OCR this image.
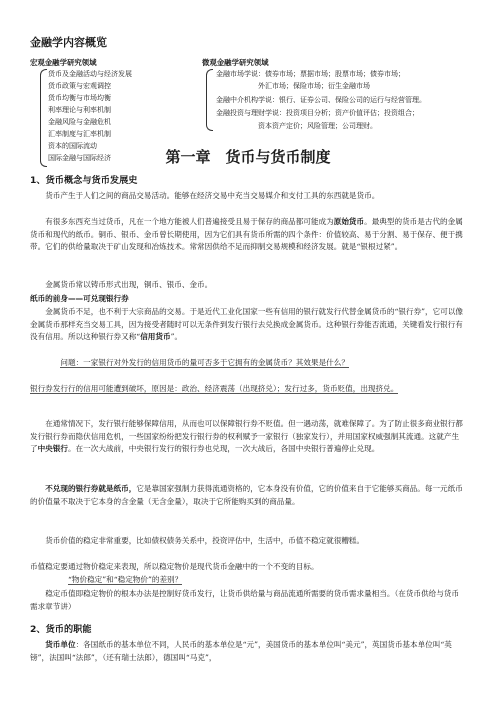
金融学内容概览
宏观金融学研究领域
货币及金融活动与经济发展
货币政策与宏观调控
货币均衡与市场均衡
利率理论与利率机制
金融风险与金融危机
汇率制度与汇率机制
资本的国际流动
国际金融与国际经济
微观金融学研究领域
金融市场学说：债券市场；票据市场；股票市场；债券市场；
外汇市场；保险市场；衍生金融市场
金融中介机构学说：银行、证券公司、保险公司的运行与经营管理。
金融投资与理财学说：投资项目分析；资产价值评估；投资组合；
资本资产定价；风险管理；公司理财。
第一章　货币与货币制度
1、货币概念与货币发展史
货币产生于人们之间的商品交易活动。能够在经济交易中充当交易媒介和支付工具的东西就是货币。
有很多东西充当过货币，凡在一个地方能被人们普遍接受且易于保存的商品都可能成为原始货币。最典型的货币是古代的金属货币和现代的纸币。铜币、银币、金币曾长期使用，因为它们具有货币所需的四个条件：价值较高、易于分割、易于保存、便于携带。它们的供给量取决于矿山发现和冶炼技术。常常因供给不足而抑制交易规模和经济发展。就是“银根过紧”。
金属货币常以铸币形式出现，铜币、银币、金币。
纸币的前身——可兑现银行券
金属货币不足，也不利于大宗商品的交易。于是近代工业化国家一些有信用的银行就发行代替金属货币的“银行券”，它可以像金属货币那样充当交易工具，因为接受者随时可以无条件到发行银行去兑换成金属货币。这种银行券能否流通，关键看发行银行有没有信用。所以这种银行券又称“信用货币”。
问题：一家银行对外发行的信用货币的量可否多于它拥有的金属货币？其效果是什么？
银行券发行行的信用可能遭到破坏，原因是：政治、经济震荡（出现挤兑）；发行过多，货币贬值，出现挤兑。
在通常情况下，发行银行能够保障信用，从而也可以保障银行券不贬值。但一遇动荡，就难保障了。为了防止很多商业银行都发行银行券而隐伏信用危机，一些国家纷纷把发行银行券的权利赋予一家银行（独家发行），并用国家权威强制其流通。这就产生了中央银行。在一次大战前，中央银行发行的银行券也兑现，一次大战后，各国中央银行普遍停止兑现。
不兑现的银行券就是纸币，它是靠国家强制力获得流通资格的，它本身没有价值，它的价值来自于它能够买商品。每一元纸币的价值量不取决于它本身的含金量（无含金量），取决于它所能购买到的商品量。
货币价值的稳定非常重要，比如债权债务关系中，投资评估中，生活中，币值不稳定就很糟糕。
币值稳定要通过物价稳定来表现，所以稳定物价是现代货币金融中的一个不变的目标。
“物价稳定”和“稳定物价”的差别？
稳定币值即稳定物价的根本办法是控制好货币发行，让货币供给量与商品流通所需要的货币需求量相当。（在货币供给与货币需求章节讲）
2、货币的职能
货币单位：各国纸币的基本单位不同，人民币的基本单位是“元”，美国货币的基本单位叫“美元”，英国货币基本单位叫“英镑”，法国叫“法郎”，（还有瑞士法郎），德国叫“马克”，
